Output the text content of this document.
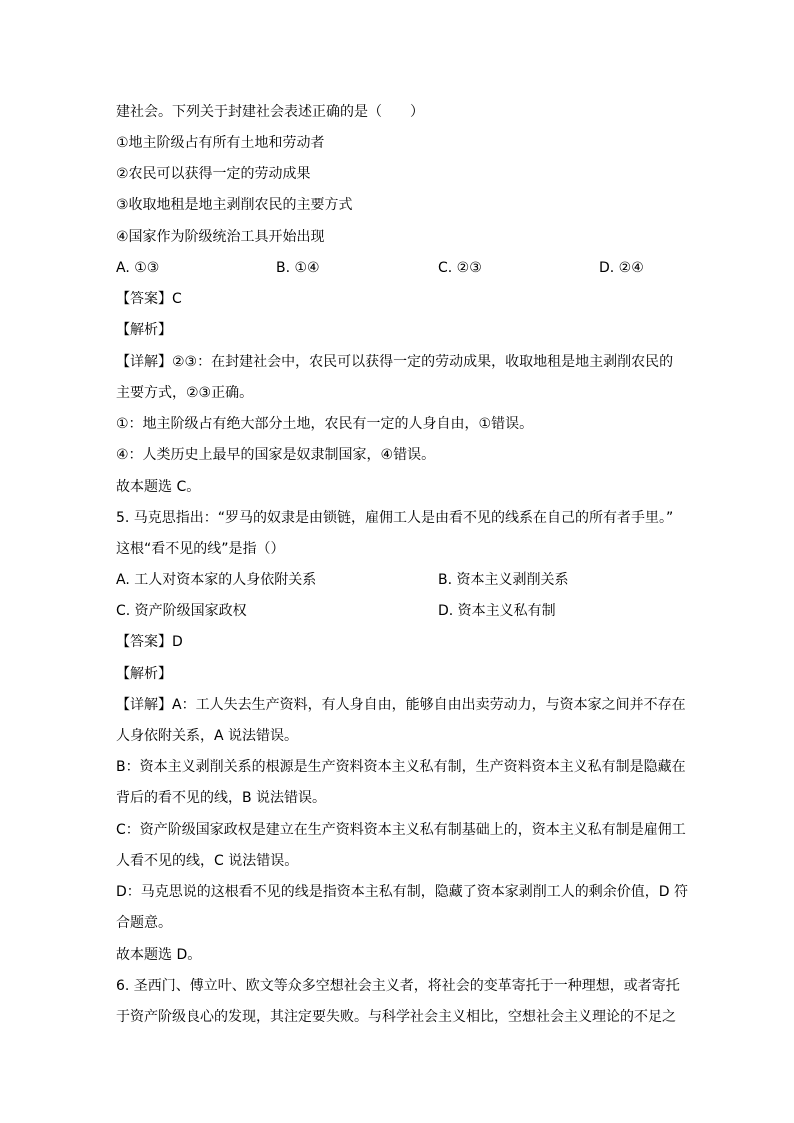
建社会。下列关于封建社会表述正确的是（　　）
①地主阶级占有所有土地和劳动者
②农民可以获得一定的劳动成果
③收取地租是地主剥削农民的主要方式
④国家作为阶级统治工具开始出现
A. ①③	B. ①④	C. ②③	D. ②④
【答案】C
【解析】
【详解】②③：在封建社会中，农民可以获得一定的劳动成果，收取地租是地主剥削农民的
主要方式，②③正确。
①：地主阶级占有绝大部分土地，农民有一定的人身自由，①错误。
④：人类历史上最早的国家是奴隶制国家，④错误。
故本题选 C。
5. 马克思指出：“罗马的奴隶是由锁链，雇佣工人是由看不见的线系在自己的所有者手里。”
这根“看不见的线”是指（）
A. 工人对资本家的人身依附关系	B. 资本主义剥削关系
C. 资产阶级国家政权	D. 资本主义私有制
【答案】D
【解析】
【详解】A：工人失去生产资料，有人身自由，能够自由出卖劳动力，与资本家之间并不存在
人身依附关系，A 说法错误。
B：资本主义剥削关系的根源是生产资料资本主义私有制，生产资料资本主义私有制是隐藏在
背后的看不见的线，B 说法错误。
C：资产阶级国家政权是建立在生产资料资本主义私有制基础上的，资本主义私有制是雇佣工
人看不见的线，C 说法错误。
D：马克思说的这根看不见的线是指资本主私有制，隐藏了资本家剥削工人的剩余价值，D 符
合题意。
故本题选 D。
6. 圣西门、傅立叶、欧文等众多空想社会主义者，将社会的变革寄托于一种理想，或者寄托
于资产阶级良心的发现，其注定要失败。与科学社会主义相比，空想社会主义理论的不足之
